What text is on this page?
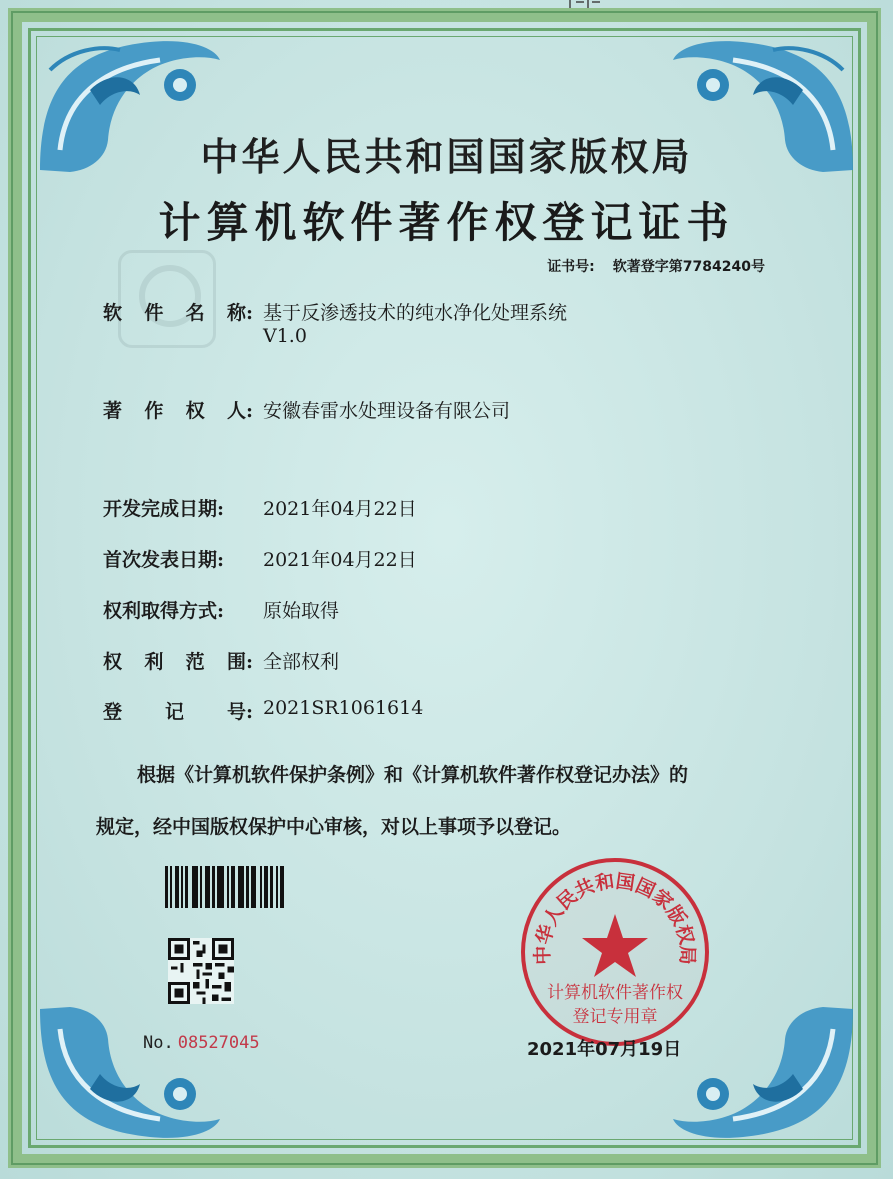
中华人民共和国国家版权局
计算机软件著作权登记证书
证书号: 软著登字第7784240号
软 件 名 称: 基于反渗透技术的纯水净化处理系统
V1.0
著 作 权 人: 安徽春雷水处理设备有限公司
开发完成日期:	2021年04月22日
首次发表日期:	2021年04月22日
权利取得方式:	原始取得
权 利 范 围: 全部权利
登 记 号: 2021SR1061614
根据《计算机软件保护条例》和《计算机软件著作权登记办法》的
规定，经中国版权保护中心审核，对以上事项予以登记。
No. 08527045
中华人民共和国国家版权局
计算机软件著作权
登记专用章
2021年07月19日
